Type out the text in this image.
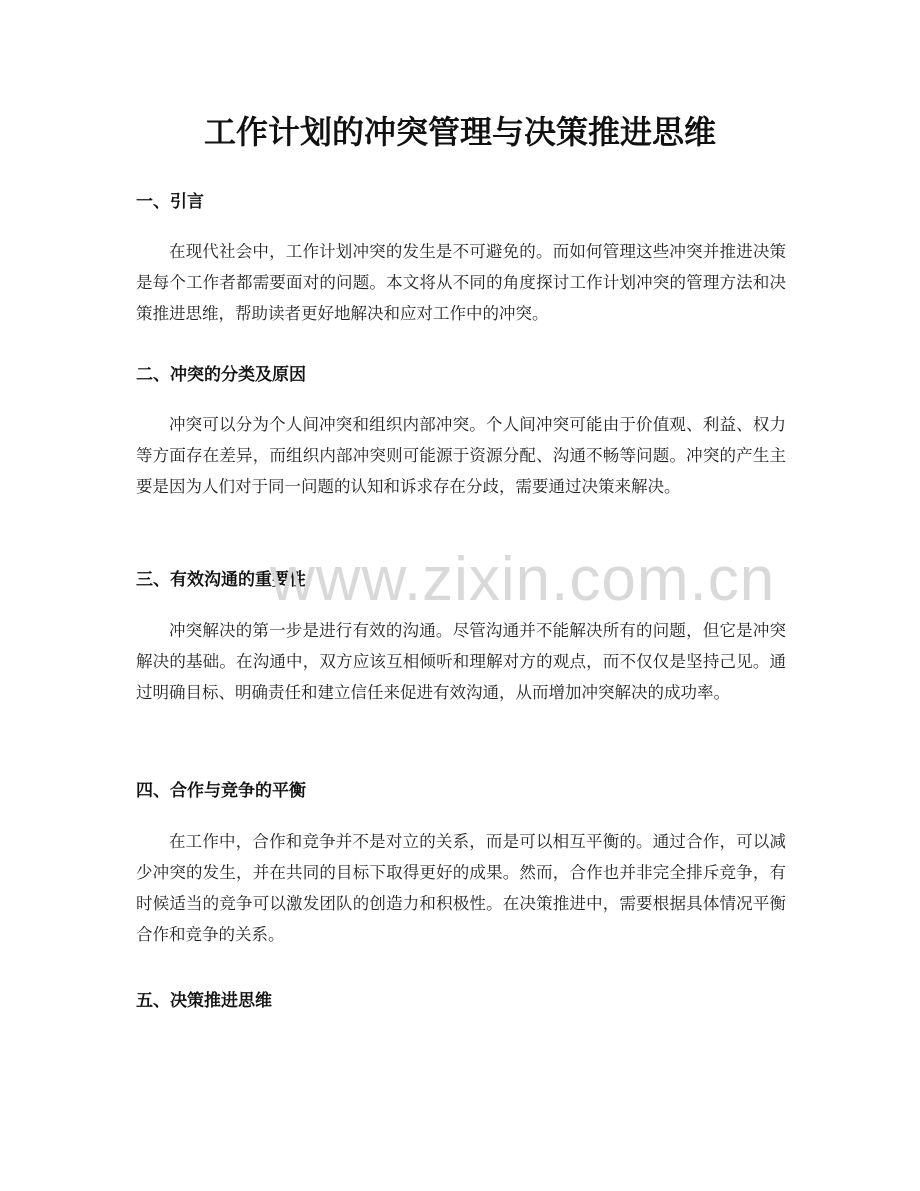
工作计划的冲突管理与决策推进思维
一、引言

在现代社会中，工作计划冲突的发生是不可避免的。而如何管理这些冲突并推进决策是每个工作者都需要面对的问题。本文将从不同的角度探讨工作计划冲突的管理方法和决策推进思维，帮助读者更好地解决和应对工作中的冲突。

二、冲突的分类及原因

冲突可以分为个人间冲突和组织内部冲突。个人间冲突可能由于价值观、利益、权力等方面存在差异，而组织内部冲突则可能源于资源分配、沟通不畅等问题。冲突的产生主要是因为人们对于同一问题的认知和诉求存在分歧，需要通过决策来解决。

三、有效沟通的重要性

冲突解决的第一步是进行有效的沟通。尽管沟通并不能解决所有的问题，但它是冲突解决的基础。在沟通中，双方应该互相倾听和理解对方的观点，而不仅仅是坚持己见。通过明确目标、明确责任和建立信任来促进有效沟通，从而增加冲突解决的成功率。

四、合作与竞争的平衡

在工作中，合作和竞争并不是对立的关系，而是可以相互平衡的。通过合作，可以减少冲突的发生，并在共同的目标下取得更好的成果。然而，合作也并非完全排斥竞争，有时候适当的竞争可以激发团队的创造力和积极性。在决策推进中，需要根据具体情况平衡合作和竞争的关系。

五、决策推进思维
www.zixin.com.cn
